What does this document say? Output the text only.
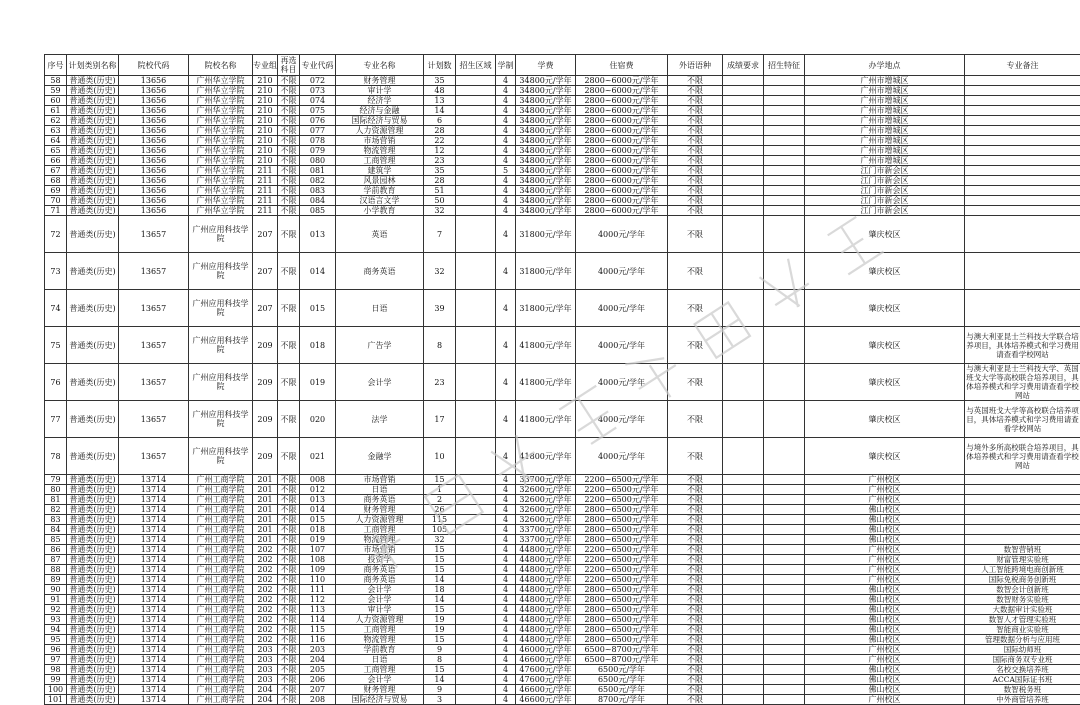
序号	计划类别名称	院校代码	院校名称	专业组	再选科目	专业代码	专业名称	计划数	招生区域	学制	学费	住宿费	外语语种	成绩要求	招生特征	办学地点	专业备注
58	普通类(历史)	13656	广州华立学院	210	不限	072	财务管理	35		4	34800元/学年	2800~6000元/学年	不限			广州市增城区	
59	普通类(历史)	13656	广州华立学院	210	不限	073	审计学	48		4	34800元/学年	2800~6000元/学年	不限			广州市增城区	
60	普通类(历史)	13656	广州华立学院	210	不限	074	经济学	13		4	34800元/学年	2800~6000元/学年	不限			广州市增城区	
61	普通类(历史)	13656	广州华立学院	210	不限	075	经济与金融	14		4	34800元/学年	2800~6000元/学年	不限			广州市增城区	
62	普通类(历史)	13656	广州华立学院	210	不限	076	国际经济与贸易	6		4	34800元/学年	2800~6000元/学年	不限			广州市增城区	
63	普通类(历史)	13656	广州华立学院	210	不限	077	人力资源管理	28		4	34800元/学年	2800~6000元/学年	不限			广州市增城区	
64	普通类(历史)	13656	广州华立学院	210	不限	078	市场营销	22		4	34800元/学年	2800~6000元/学年	不限			广州市增城区	
65	普通类(历史)	13656	广州华立学院	210	不限	079	物流管理	12		4	34800元/学年	2800~6000元/学年	不限			广州市增城区	
66	普通类(历史)	13656	广州华立学院	210	不限	080	工商管理	23		4	34800元/学年	2800~6000元/学年	不限			广州市增城区	
67	普通类(历史)	13656	广州华立学院	211	不限	081	建筑学	35		5	34800元/学年	2800~6000元/学年	不限			江门市新会区	
68	普通类(历史)	13656	广州华立学院	211	不限	082	风景园林	28		4	34800元/学年	2800~6000元/学年	不限			江门市新会区	
69	普通类(历史)	13656	广州华立学院	211	不限	083	学前教育	51		4	34800元/学年	2800~6000元/学年	不限			江门市新会区	
70	普通类(历史)	13656	广州华立学院	211	不限	084	汉语言文学	50		4	34800元/学年	2800~6000元/学年	不限			江门市新会区	
71	普通类(历史)	13656	广州华立学院	211	不限	085	小学教育	32		4	34800元/学年	2800~6000元/学年	不限			江门市新会区	
72	普通类(历史)	13657	广州应用科技学院	207	不限	013	英语	7		4	31800元/学年	4000元/学年	不限			肇庆校区	
73	普通类(历史)	13657	广州应用科技学院	207	不限	014	商务英语	32		4	31800元/学年	4000元/学年	不限			肇庆校区	
74	普通类(历史)	13657	广州应用科技学院	207	不限	015	日语	39		4	31800元/学年	4000元/学年	不限			肇庆校区	
75	普通类(历史)	13657	广州应用科技学院	209	不限	018	广告学	8		4	41800元/学年	4000元/学年	不限			肇庆校区	与澳大利亚昆士兰科技大学联合培养项目，具体培养模式和学习费用请查看学校网站
76	普通类(历史)	13657	广州应用科技学院	209	不限	019	会计学	23		4	41800元/学年	4000元/学年	不限			肇庆校区	与澳大利亚昆士兰科技大学、英国班戈大学等高校联合培养项目，具体培养模式和学习费用请查看学校网站
77	普通类(历史)	13657	广州应用科技学院	209	不限	020	法学	17		4	41800元/学年	4000元/学年	不限			肇庆校区	与英国班戈大学等高校联合培养项目，具体培养模式和学习费用请查看学校网站
78	普通类(历史)	13657	广州应用科技学院	209	不限	021	金融学	10		4	41800元/学年	4000元/学年	不限			肇庆校区	与境外多所高校联合培养项目，具体培养模式和学习费用请查看学校网站
79	普通类(历史)	13714	广州工商学院	201	不限	008	市场营销	15		4	33700元/学年	2200~6500元/学年	不限			广州校区	
80	普通类(历史)	13714	广州工商学院	201	不限	012	日语	1		4	32600元/学年	2200~6500元/学年	不限			广州校区	
81	普通类(历史)	13714	广州工商学院	201	不限	013	商务英语	2		4	32600元/学年	2200~6500元/学年	不限			广州校区	
82	普通类(历史)	13714	广州工商学院	201	不限	014	财务管理	26		4	32600元/学年	2800~6500元/学年	不限			佛山校区	
83	普通类(历史)	13714	广州工商学院	201	不限	015	人力资源管理	115		4	32600元/学年	2800~6500元/学年	不限			佛山校区	
84	普通类(历史)	13714	广州工商学院	201	不限	018	工商管理	105		4	33700元/学年	2800~6500元/学年	不限			佛山校区	
85	普通类(历史)	13714	广州工商学院	201	不限	019	物流管理	32		4	33700元/学年	2800~6500元/学年	不限			佛山校区	
86	普通类(历史)	13714	广州工商学院	202	不限	107	市场营销	15		4	44800元/学年	2200~6500元/学年	不限			广州校区	数智营销班
87	普通类(历史)	13714	广州工商学院	202	不限	108	投资学	15		4	44800元/学年	2200~6500元/学年	不限			广州校区	财富管理实验班
88	普通类(历史)	13714	广州工商学院	202	不限	109	商务英语	15		4	44800元/学年	2200~6500元/学年	不限			广州校区	人工智能跨境电商创新班
89	普通类(历史)	13714	广州工商学院	202	不限	110	商务英语	14		4	44800元/学年	2200~6500元/学年	不限			广州校区	国际免税商务创新班
90	普通类(历史)	13714	广州工商学院	202	不限	111	会计学	18		4	44800元/学年	2800~6500元/学年	不限			佛山校区	数智会计创新班
91	普通类(历史)	13714	广州工商学院	202	不限	112	会计学	14		4	44800元/学年	2800~6500元/学年	不限			佛山校区	数智财务实验班
92	普通类(历史)	13714	广州工商学院	202	不限	113	审计学	15		4	44800元/学年	2800~6500元/学年	不限			佛山校区	大数据审计实验班
93	普通类(历史)	13714	广州工商学院	202	不限	114	人力资源管理	19		4	44800元/学年	2800~6500元/学年	不限			佛山校区	数智人才管理实验班
94	普通类(历史)	13714	广州工商学院	202	不限	115	工商管理	19		4	44800元/学年	2800~6500元/学年	不限			佛山校区	智能商业实验班
95	普通类(历史)	13714	广州工商学院	202	不限	116	物流管理	15		4	44800元/学年	2800~6500元/学年	不限			佛山校区	管理数据分析与应用班
96	普通类(历史)	13714	广州工商学院	203	不限	203	学前教育	9		4	46000元/学年	6500~8700元/学年	不限			广州校区	国际幼师班
97	普通类(历史)	13714	广州工商学院	203	不限	204	日语	8		4	46600元/学年	6500~8700元/学年	不限			广州校区	国际商务双专业班
98	普通类(历史)	13714	广州工商学院	203	不限	205	工商管理	15		4	47600元/学年	6500元/学年	不限			佛山校区	名校交换培养班
99	普通类(历史)	13714	广州工商学院	203	不限	206	会计学	14		4	47600元/学年	6500元/学年	不限			佛山校区	ACCA国际证书班
100	普通类(历史)	13714	广州工商学院	204	不限	207	财务管理	9		4	46600元/学年	6500元/学年	不限			佛山校区	数智税务班
101	普通类(历史)	13714	广州工商学院	204	不限	208	国际经济与贸易	3		4	46600元/学年	8700元/学年	不限			广州校区	中外商管培养班
